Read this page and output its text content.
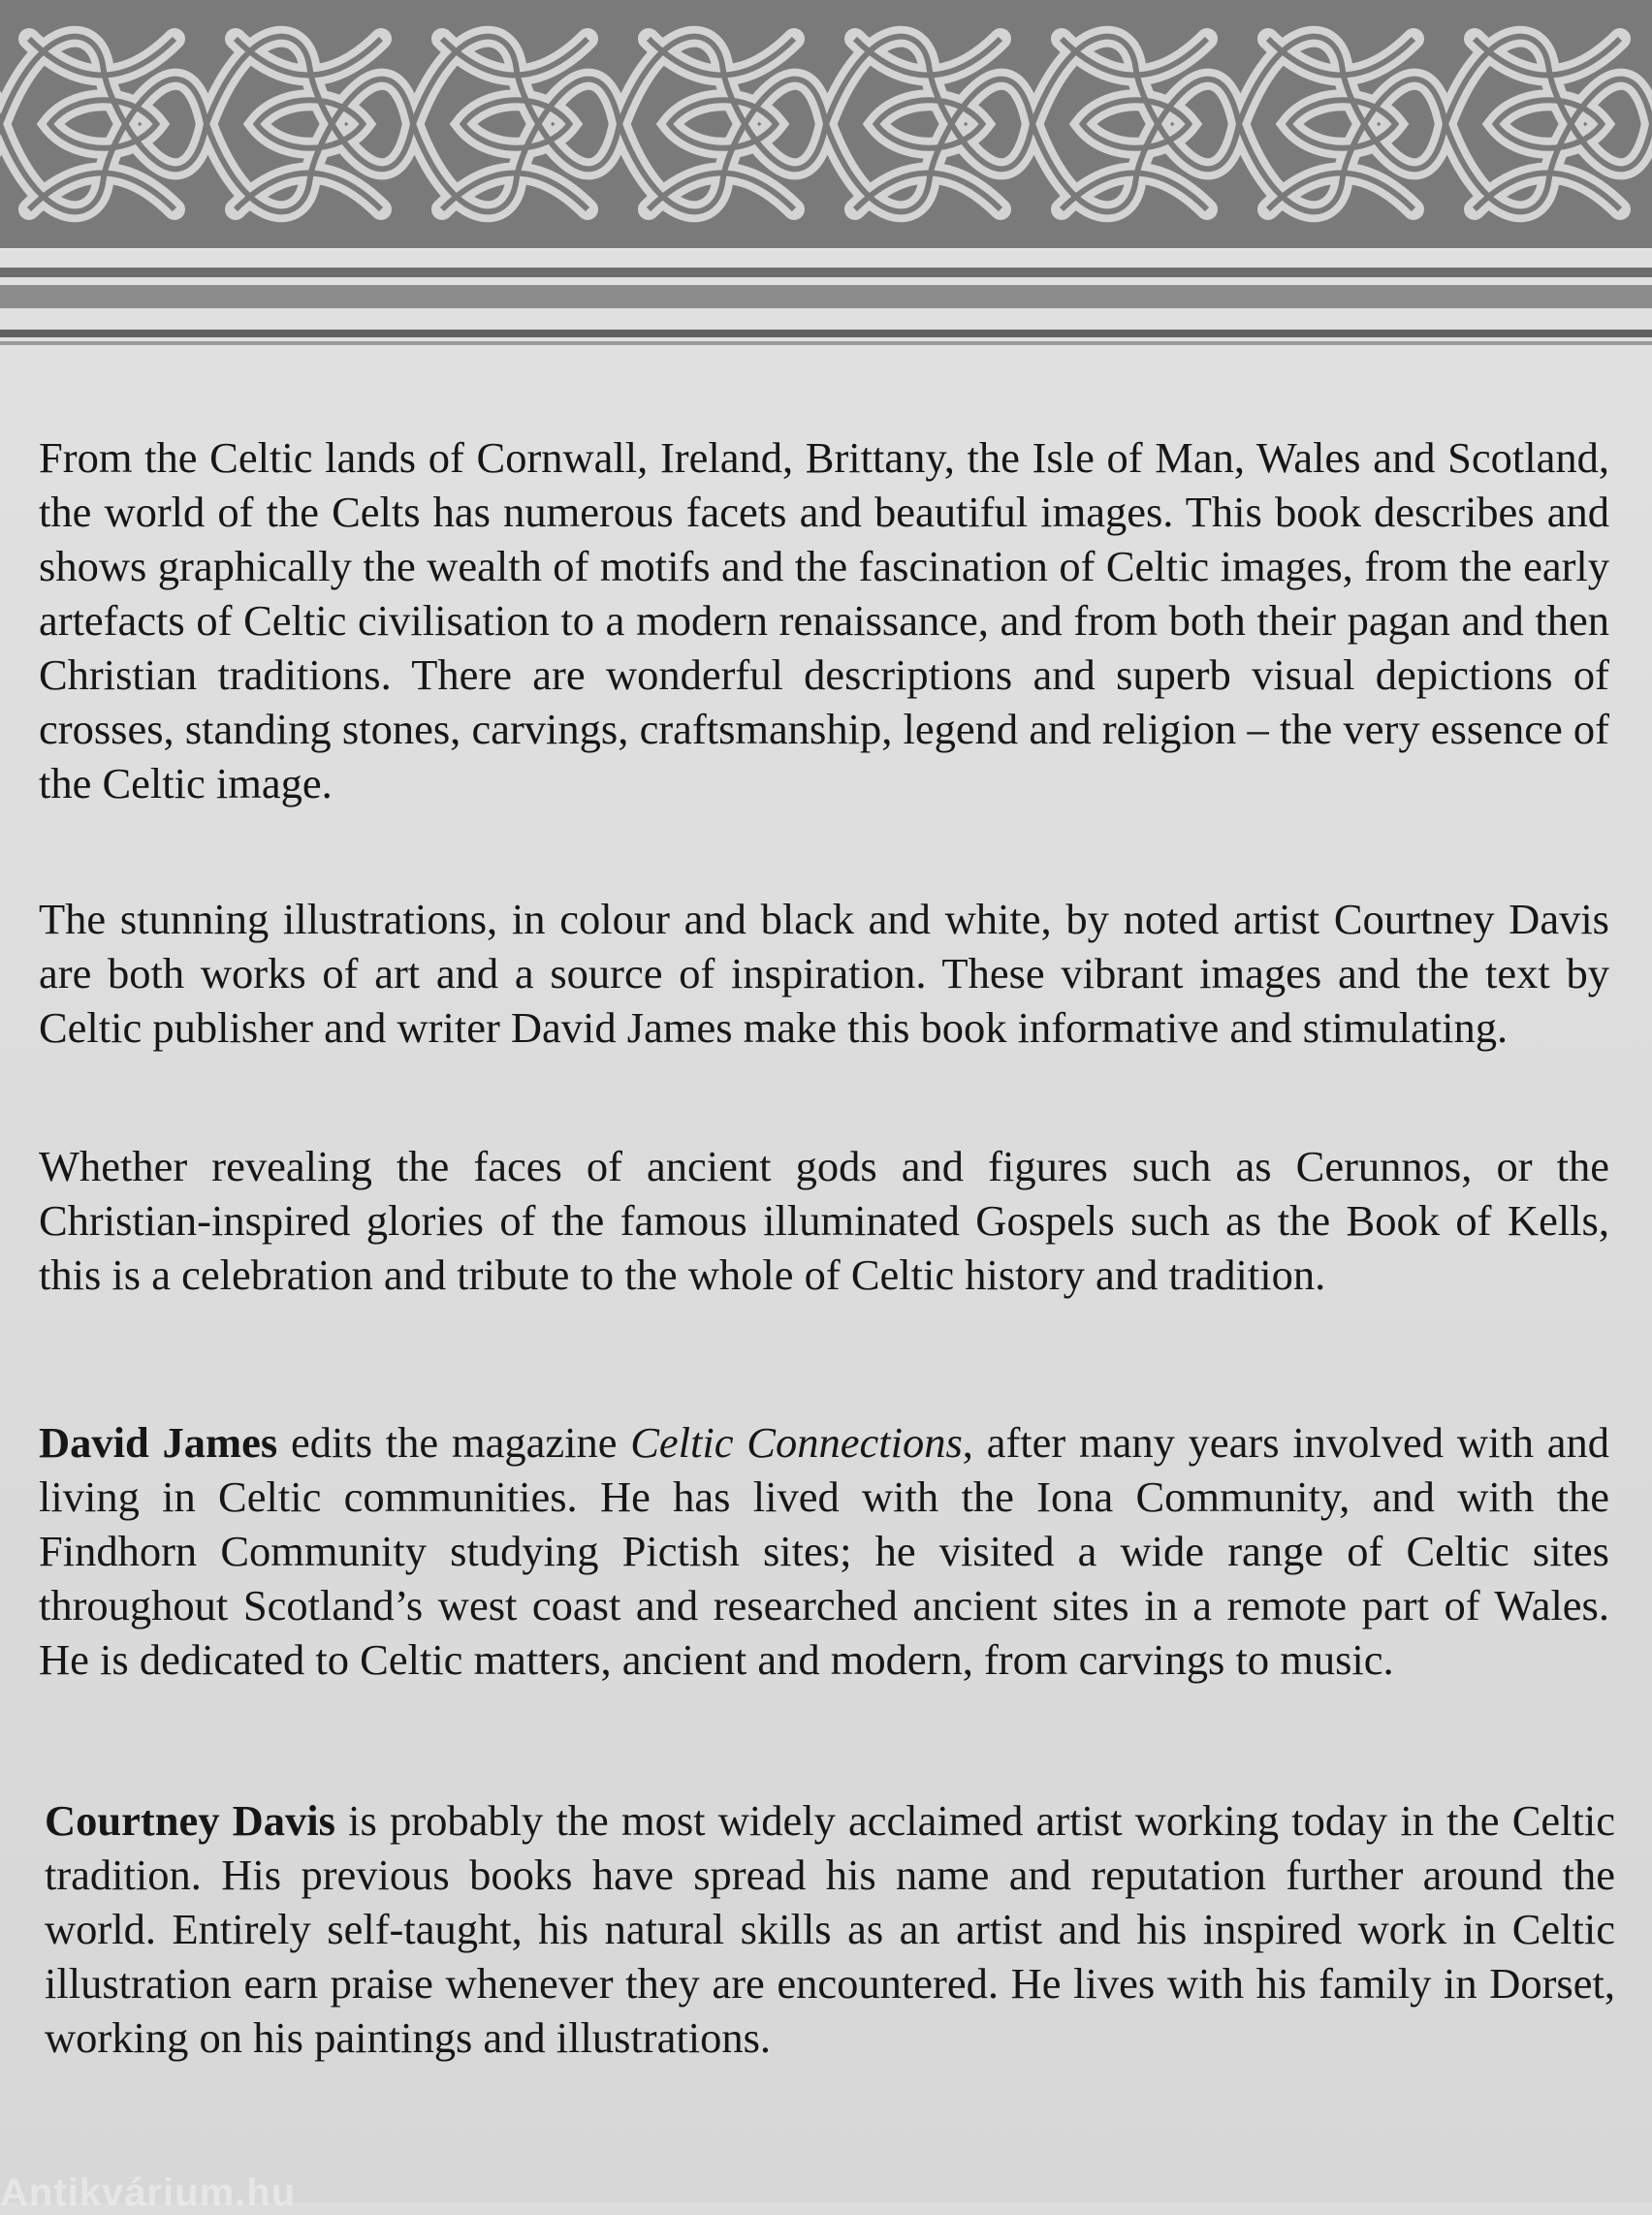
From the Celtic lands of Cornwall, Ireland, Brittany, the Isle of Man, Wales and Scotland, the world of the Celts has numerous facets and beautiful images. This book describes and shows graphically the wealth of motifs and the fascination of Celtic images, from the early artefacts of Celtic civilisation to a modern renaissance, and from both their pagan and then Christian traditions. There are wonderful descriptions and superb visual depictions of crosses, standing stones, carvings, craftsmanship, legend and religion – the very essence of the Celtic image.

The stunning illustrations, in colour and black and white, by noted artist Courtney Davis are both works of art and a source of inspiration. These vibrant images and the text by Celtic publisher and writer David James make this book informative and stimulating.

Whether revealing the faces of ancient gods and figures such as Cerunnos, or the Christian-inspired glories of the famous illuminated Gospels such as the Book of Kells, this is a celebration and tribute to the whole of Celtic history and tradition.

David James edits the magazine Celtic Connections, after many years involved with and living in Celtic communities. He has lived with the Iona Community, and with the Findhorn Community studying Pictish sites; he visited a wide range of Celtic sites throughout Scotland’s west coast and researched ancient sites in a remote part of Wales. He is dedicated to Celtic matters, ancient and modern, from carvings to music.

Courtney Davis is probably the most widely acclaimed artist working today in the Celtic tradition. His previous books have spread his name and reputation further around the world. Entirely self-taught, his natural skills as an artist and his inspired work in Celtic illustration earn praise whenever they are encountered. He lives with his family in Dorset, working on his paintings and illustrations.

Antikvárium.hu
